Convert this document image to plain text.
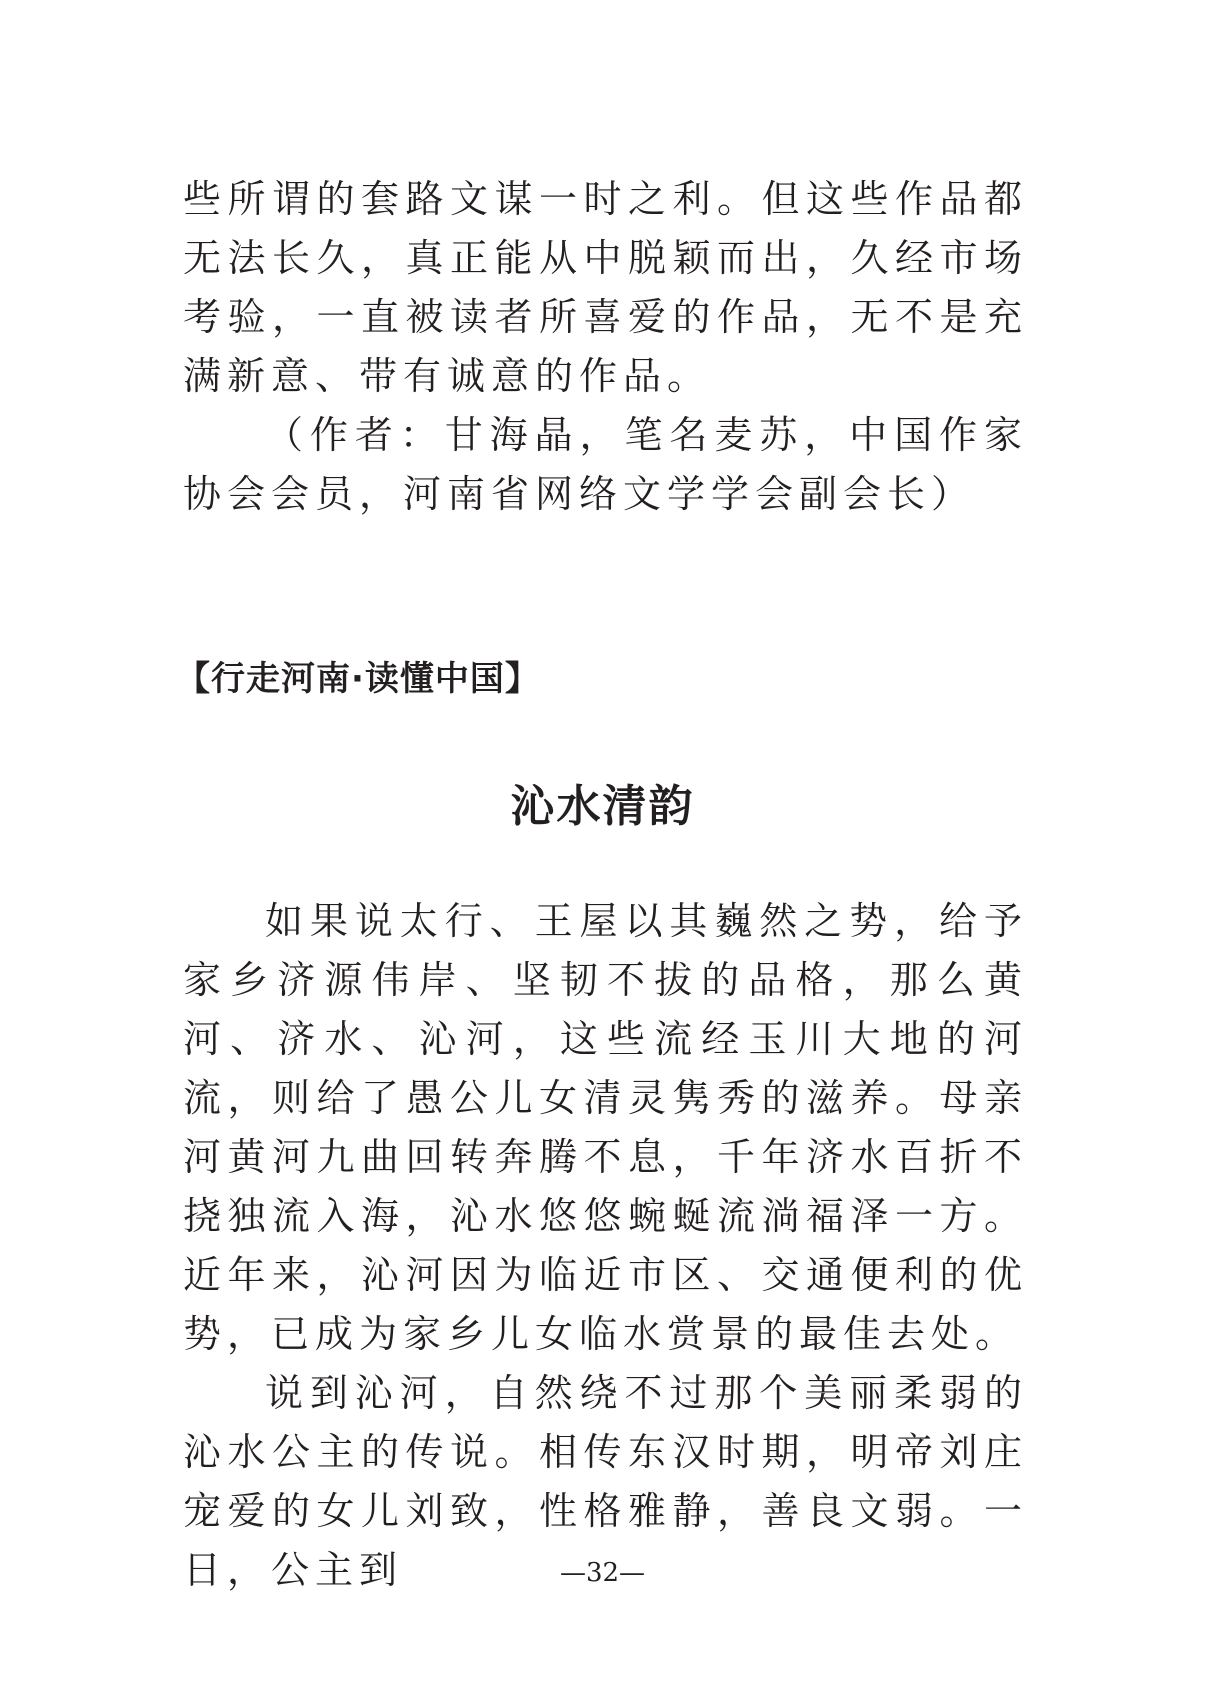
些所谓的套路文谋一时之利。但这些作品都无法长久，真正能从中脱颖而出，久经市场考验，一直被读者所喜爱的作品，无不是充满新意、带有诚意的作品。

（作者：甘海晶，笔名麦苏，中国作家协会会员，河南省网络文学学会副会长）

【行走河南·读懂中国】
沁水清韵

如果说太行、王屋以其巍然之势，给予家乡济源伟岸、坚韧不拔的品格，那么黄河、济水、沁河，这些流经玉川大地的河流，则给了愚公儿女清灵隽秀的滋养。母亲河黄河九曲回转奔腾不息，千年济水百折不挠独流入海，沁水悠悠蜿蜒流淌福泽一方。近年来，沁河因为临近市区、交通便利的优势，已成为家乡儿女临水赏景的最佳去处。

说到沁河，自然绕不过那个美丽柔弱的沁水公主的传说。相传东汉时期，明帝刘庄宠爱的女儿刘致，性格雅静，善良文弱。一日，公主到	—32—
